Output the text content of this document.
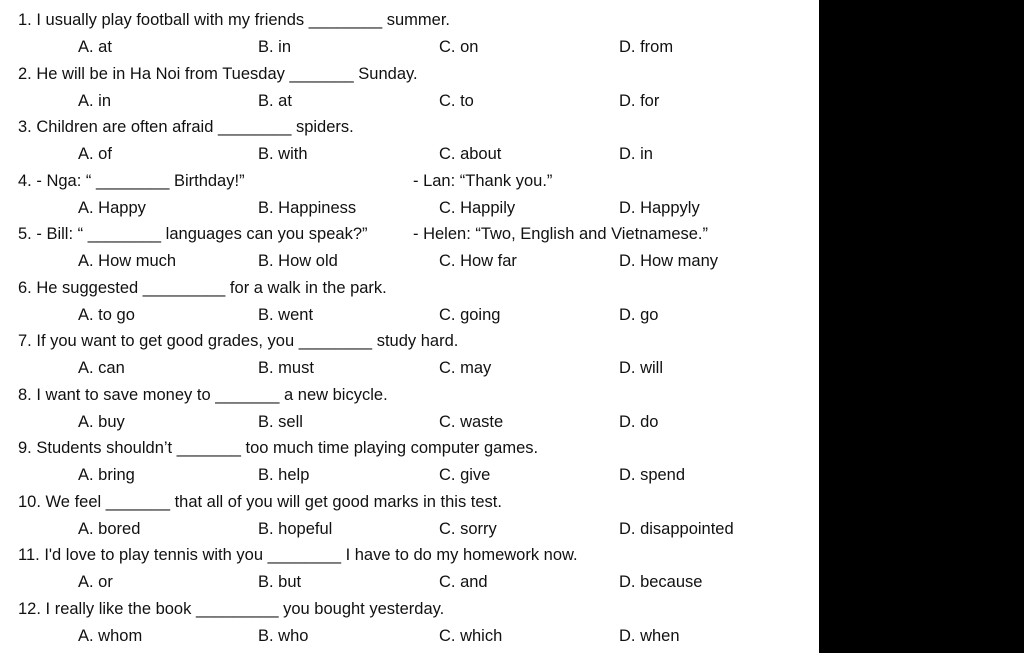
1. I usually play football with my friends ________ summer.
A. at	B. in	C. on	D. from
2. He will be in Ha Noi from Tuesday _______ Sunday.
A. in	B. at	C. to	D. for
3. Children are often afraid ________ spiders.
A. of	B. with	C. about	D. in
4. - Nga: “ ________ Birthday!”	- Lan: “Thank you.”
A. Happy	B. Happiness	C. Happily	D. Happyly
5. - Bill: “ ________ languages can you speak?”	- Helen: “Two, English and Vietnamese.”
A. How much	B. How old	C. How far	D. How many
6. He suggested _________ for a walk in the park.
A. to go	B. went	C. going	D. go
7. If you want to get good grades, you ________ study hard.
A. can	B. must	C. may	D. will
8. I want to save money to _______ a new bicycle.
A. buy	B. sell	C. waste	D. do
9. Students shouldn’t _______ too much time playing computer games.
A. bring	B. help	C. give	D. spend
10. We feel _______ that all of you will get good marks in this test.
A. bored	B. hopeful	C. sorry	D. disappointed
11. I'd love to play tennis with you ________ I have to do my homework now.
A. or	B. but	C. and	D. because
12. I really like the book _________ you bought yesterday.
A. whom	B. who	C. which	D. when
